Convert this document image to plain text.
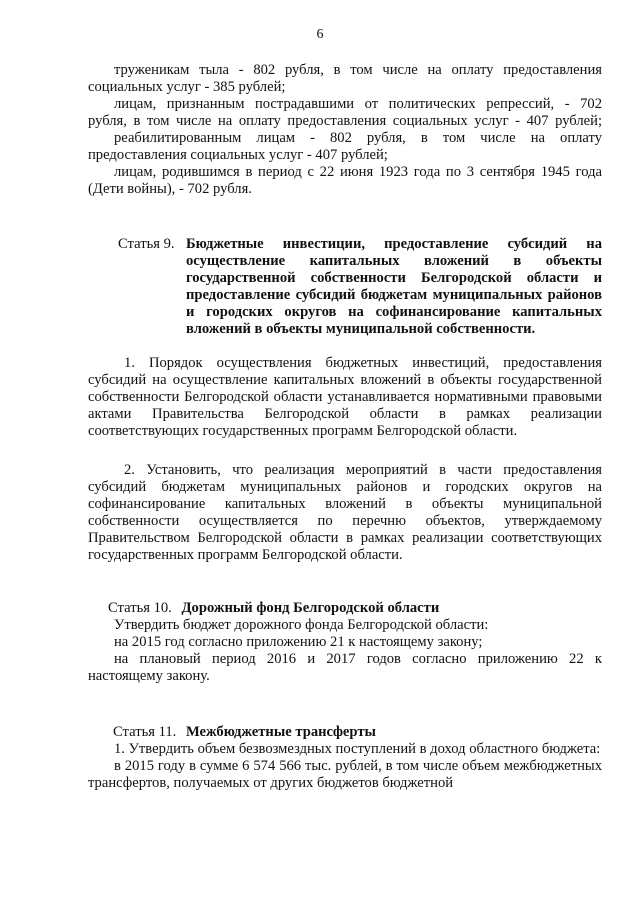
6

труженикам тыла - 802 рубля, в том числе на оплату предоставления

социальных услуг - 385 рублей;

лицам, признанным пострадавшими от политических репрессий, - 702

рубля, в том числе на оплату предоставления социальных услуг - 407 рублей;

реабилитированным лицам - 802 рубля, в том числе на оплату

предоставления социальных услуг - 407 рублей;

лицам, родившимся в период с 22 июня 1923 года по 3 сентября 1945 года

(Дети войны), - 702 рубля.

Статья 9. Бюджетные инвестиции, предоставление субсидий на осуществление капитальных вложений в объекты государственной собственности Белгородской области и предоставление субсидий бюджетам муниципальных районов и городских округов на софинансирование капитальных вложений в объекты муниципальной собственности.

1. Порядок осуществления бюджетных инвестиций, предоставления субсидий на осуществление капитальных вложений в объекты государственной собственности Белгородской области устанавливается нормативными правовыми актами Правительства Белгородской области в рамках реализации соответствующих государственных программ Белгородской области.

2. Установить, что реализация мероприятий в части предоставления субсидий бюджетам муниципальных районов и городских округов на софинансирование капитальных вложений в объекты муниципальной собственности осуществляется по перечню объектов, утверждаемому Правительством Белгородской области в рамках реализации соответствующих государственных программ Белгородской области.

Статья 10. Дорожный фонд Белгородской области

Утвердить бюджет дорожного фонда Белгородской области:

на 2015 год согласно приложению 21 к настоящему закону;

на плановый период 2016 и 2017 годов согласно приложению 22 к настоящему закону.

Статья 11. Межбюджетные трансферты

1. Утвердить объем безвозмездных поступлений в доход областного бюджета:

в 2015 году в сумме 6 574 566 тыс. рублей, в том числе объем межбюджетных трансфертов, получаемых от других бюджетов бюджетной
